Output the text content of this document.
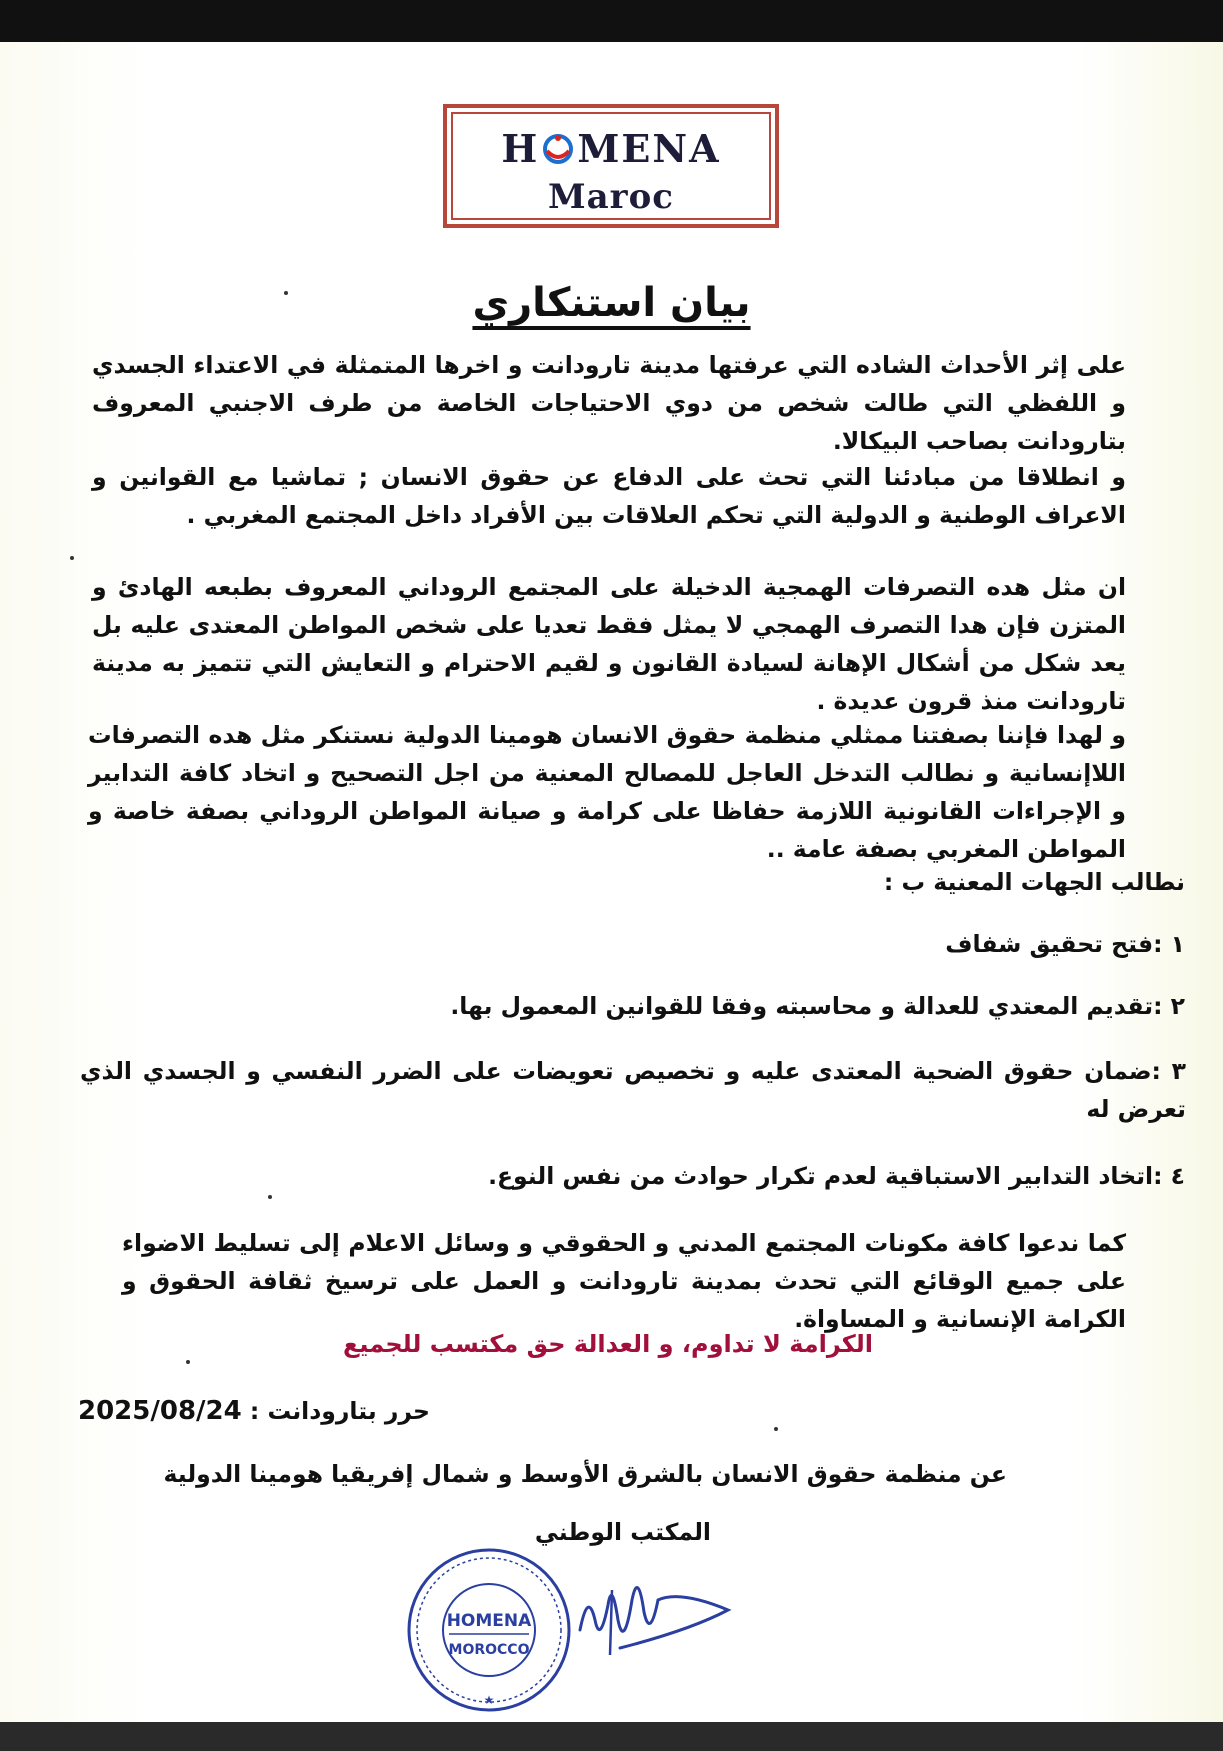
H MENA
Maroc
بيان استنكاري
على إثر الأحداث الشاده التي عرفتها مدينة تارودانت و اخرها المتمثلة في الاعتداء الجسدي و اللفظي التي طالت شخص من دوي الاحتياجات الخاصة من طرف الاجنبي المعروف بتارودانت بصاحب البيكالا.
و انطلاقا من مبادئنا التي تحث على الدفاع عن حقوق الانسان ; تماشيا مع القوانين و الاعراف الوطنية و الدولية التي تحكم العلاقات بين الأفراد داخل المجتمع المغربي .
ان مثل هده التصرفات الهمجية الدخيلة على المجتمع الروداني المعروف بطبعه الهادئ و المتزن فإن هدا التصرف الهمجي لا يمثل فقط تعديا على شخص المواطن المعتدى عليه بل يعد شكل من أشكال الإهانة لسيادة القانون و لقيم الاحترام و التعايش التي تتميز به مدينة تارودانت منذ قرون عديدة .
و لهدا فإننا بصفتنا ممثلي منظمة حقوق الانسان هومينا الدولية نستنكر مثل هده التصرفات اللاإنسانية و نطالب التدخل العاجل للمصالح المعنية من اجل التصحيح و اتخاد كافة التدابير و الإجراءات القانونية اللازمة حفاظا على كرامة و صيانة المواطن الروداني بصفة خاصة و المواطن المغربي بصفة عامة ..
نطالب الجهات المعنية ب :
١ :فتح تحقيق شفاف
٢ :تقديم المعتدي للعدالة و محاسبته وفقا للقوانين المعمول بها.
٣ :ضمان حقوق الضحية المعتدى عليه و تخصيص تعويضات على الضرر النفسي و الجسدي الذي تعرض له
٤ :اتخاد التدابير الاستباقية لعدم تكرار حوادث من نفس النوع.
كما ندعوا كافة مكونات المجتمع المدني و الحقوقي و وسائل الاعلام إلى تسليط الاضواء على جميع الوقائع التي تحدث بمدينة تارودانت و العمل على ترسيخ ثقافة الحقوق و الكرامة الإنسانية و المساواة.
الكرامة لا تداوم، و العدالة حق مكتسب للجميع
حرر بتارودانت : 2025/08/24
عن منظمة حقوق الانسان بالشرق الأوسط و شمال إفريقيا هومينا الدولية
المكتب الوطني
HOMENA
MOROCCO
★
